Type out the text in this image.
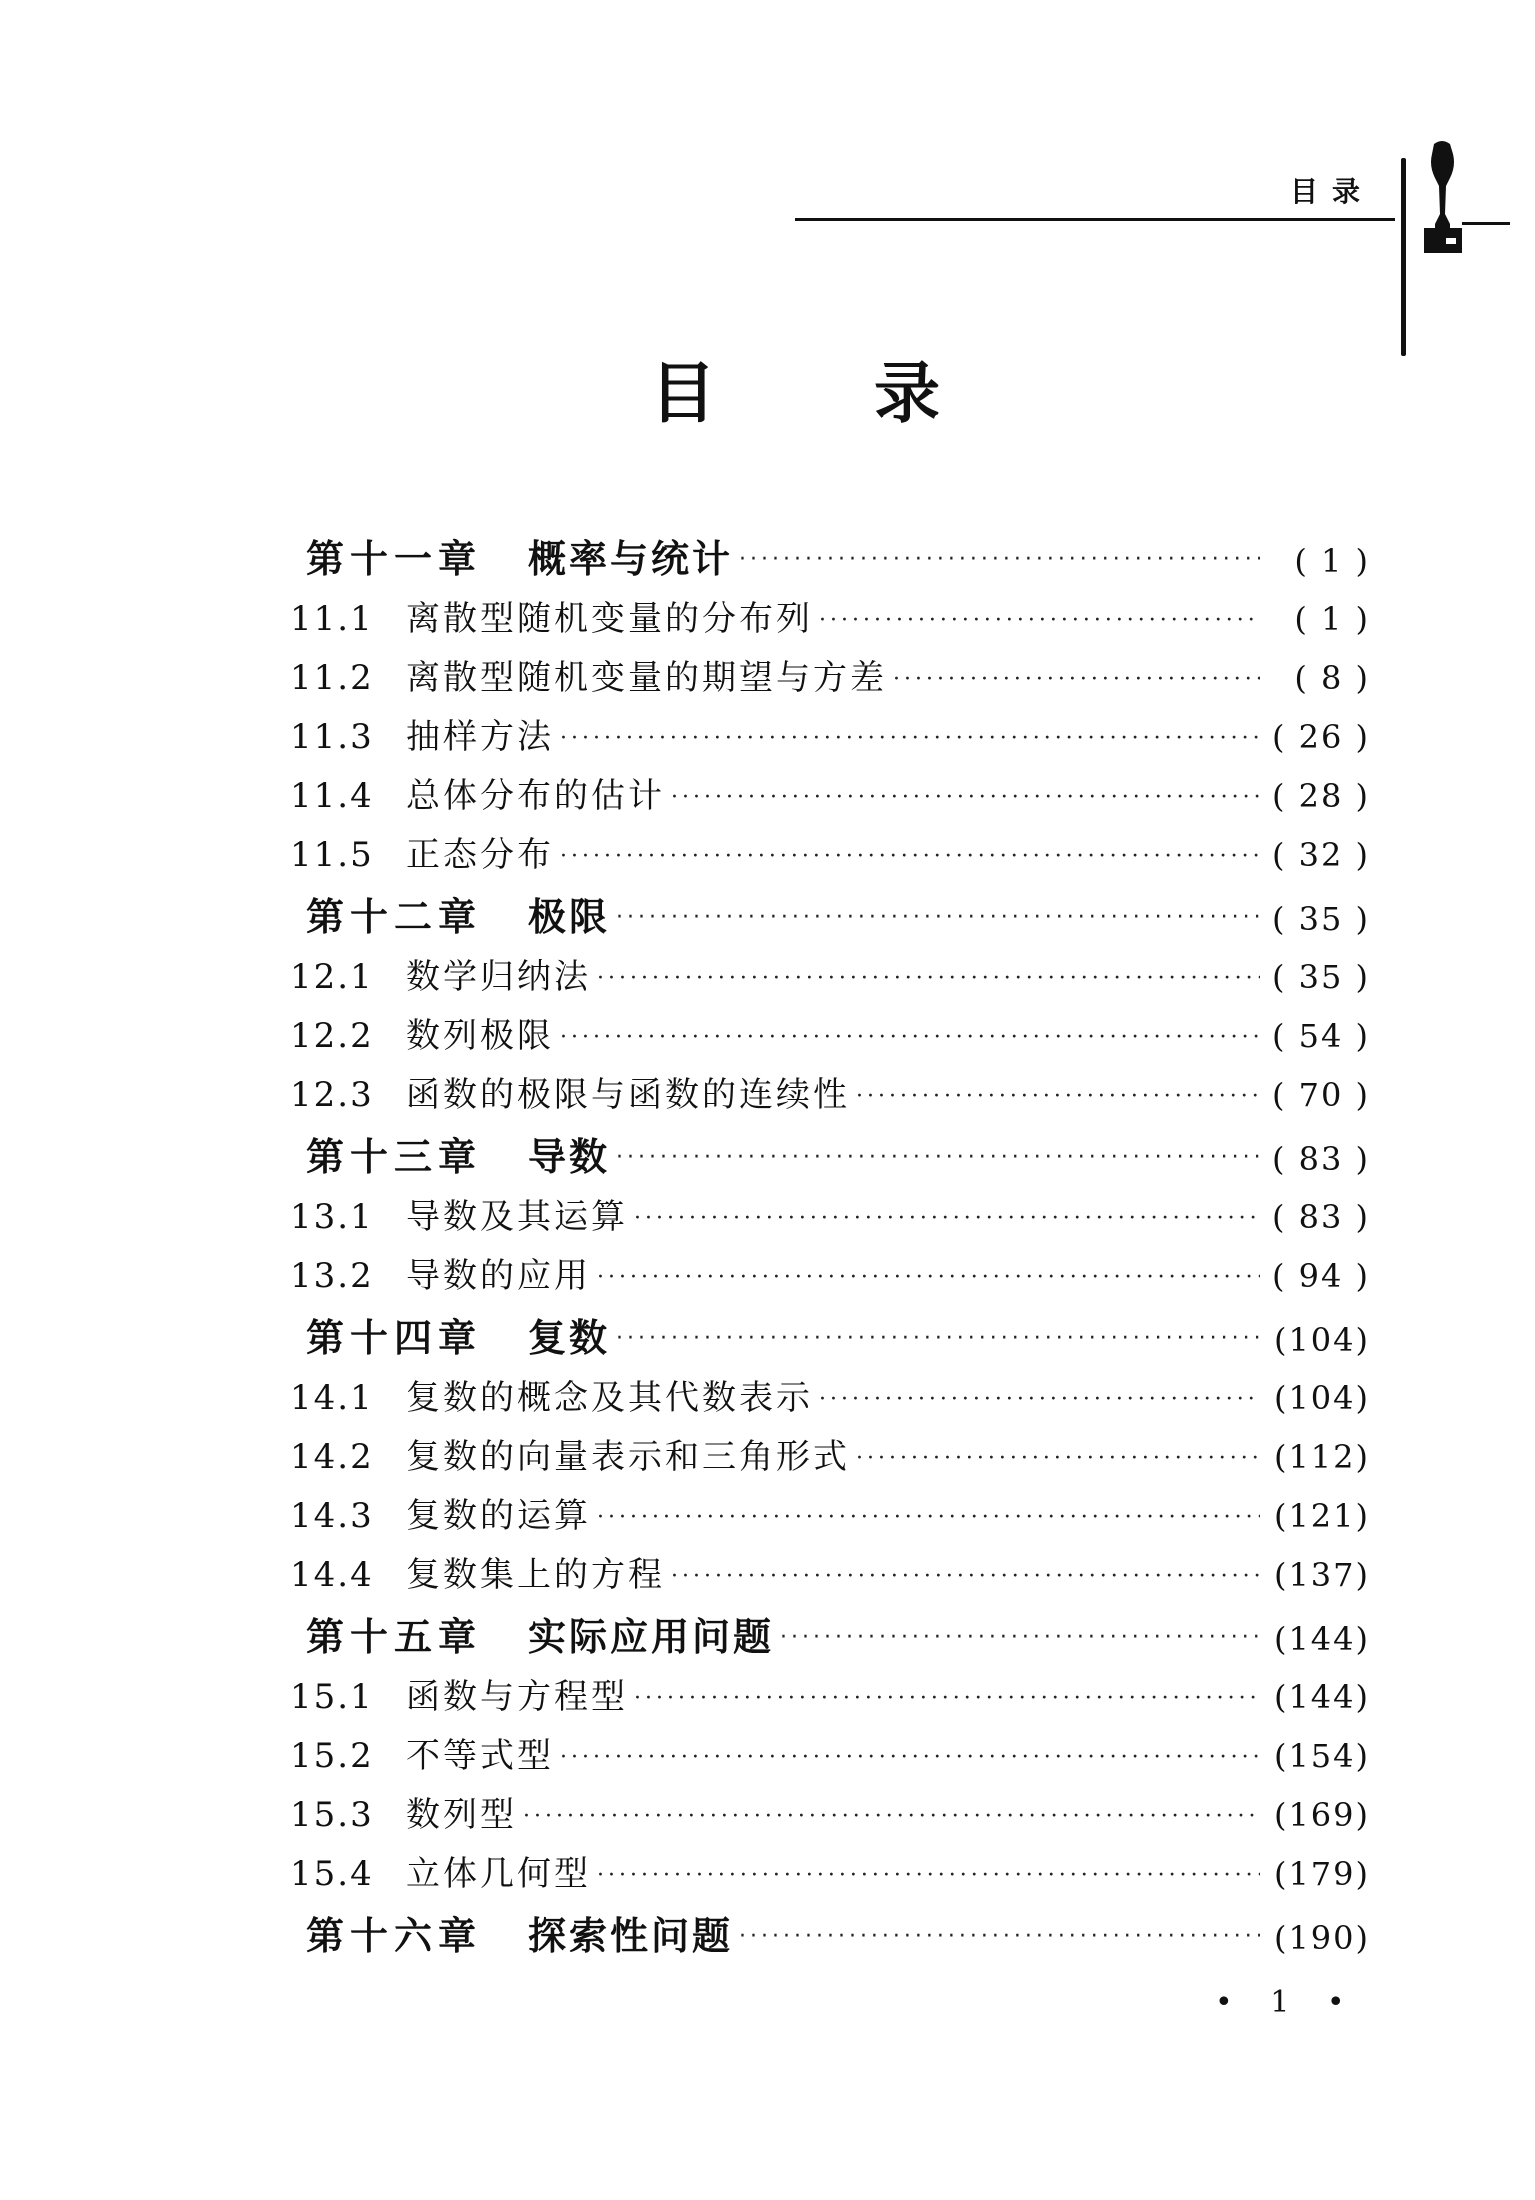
目录
目录
第十一章	概率与统计 ·····	( 1 )
11.1 离散型随机变量的分布列 ·····	( 1 )
11.2 离散型随机变量的期望与方差 ·····	( 8 )
11.3 抽样方法 ·····	( 26 )
11.4 总体分布的估计 ·····	( 28 )
11.5 正态分布 ·····	( 32 )
第十二章	极限 ·····	( 35 )
12.1 数学归纳法 ·····	( 35 )
12.2 数列极限 ·····	( 54 )
12.3 函数的极限与函数的连续性 ·····	( 70 )
第十三章	导数 ·····	( 83 )
13.1 导数及其运算 ·····	( 83 )
13.2 导数的应用 ·····	( 94 )
第十四章	复数 ·····	(104)
14.1 复数的概念及其代数表示 ·····	(104)
14.2 复数的向量表示和三角形式 ·····	(112)
14.3 复数的运算 ·····	(121)
14.4 复数集上的方程 ·····	(137)
第十五章	实际应用问题 ·····	(144)
15.1 函数与方程型 ·····	(144)
15.2 不等式型 ·····	(154)
15.3 数列型 ·····	(169)
15.4 立体几何型 ·····	(179)
第十六章	探索性问题 ·····	(190)
• 1 •
